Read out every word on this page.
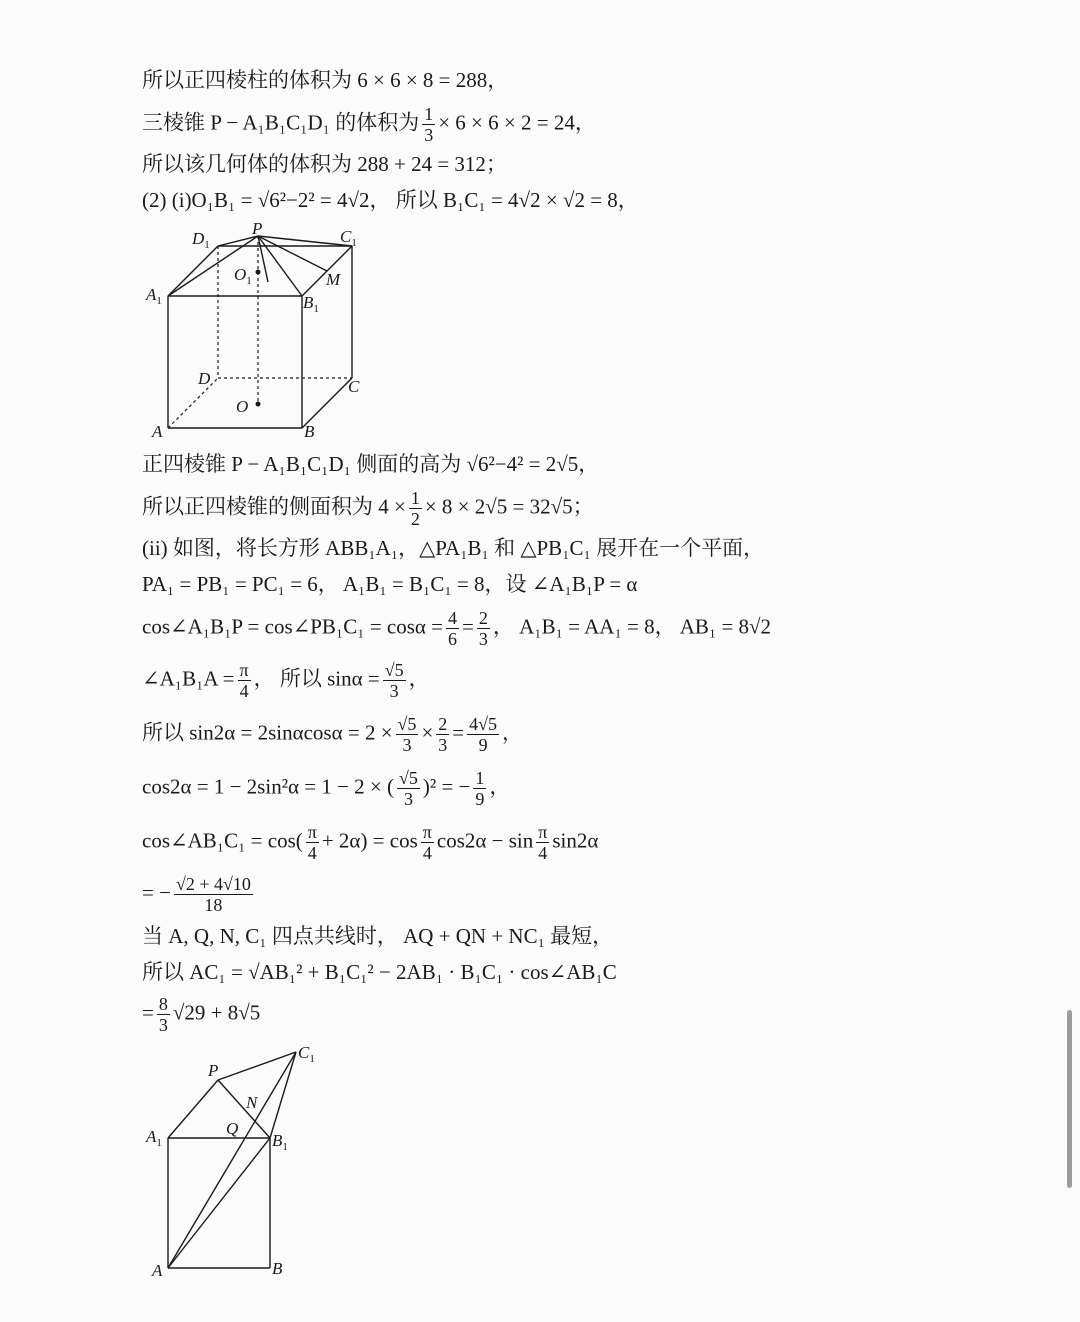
所以正四棱柱的体积为 6 × 6 × 8 = 288，
三棱锥 P − A₁B₁C₁D₁ 的体积为 $\frac{1}{3} \times 6 \times 6 \times 2 = 24$，
所以该几何体的体积为 288 + 24 = 312；
(2) (i)O₁B₁ = √6²−2² = 4√2， 所以 B₁C₁ = 4√2 × √2 = 8，
$D_1$
P	$C_1$
$O_1$	M
$A_1$	$B_1$
D	C
O
A	B
正四棱锥 P − A₁B₁C₁D₁ 侧面的高为 √6²−4² = 2√5，
所以正四棱锥的侧面积为 $4 \times \frac{1}{2} \times 8 \times 2√5 = 32√5$；
(ii) 如图，将长方形 ABB₁A₁，△PA₁B₁ 和 △PB₁C₁ 展开在一个平面，
PA₁ = PB₁ = PC₁ = 6， A₁B₁ = B₁C₁ = 8，设 ∠A₁B₁P = α
cos∠A₁B₁P = cos∠PB₁C₁ = $\cos\alpha = \frac{4}{6} = \frac{2}{3}$ ， A₁B₁ = AA₁ = 8， AB₁ = 8√2
∠A₁B₁A = $\frac{\pi}{4}$ ， 所以 $\sin\alpha = \frac{√5}{3}$ ，
所以 $\sin 2\alpha = 2\sin\alpha\cos\alpha = 2 \times \frac{√5}{3} \times \frac{2}{3} = \frac{4√5}{9}$ ，
cos2α = 1 − 2sin²α = 1 − 2 × ( $\frac{√5}{3} )^2$ = − $\frac{1}{9}$ ，
cos∠AB₁C₁ = $\cos( \frac{\pi}{4} + 2\alpha) = \cos \frac{\pi}{4} \cos 2\alpha - \sin \frac{\pi}{4} \sin 2\alpha$
= − $\frac{√2 + 4√10}{18}$
当 A, Q, N, C₁ 四点共线时， AQ + QN + NC₁ 最短，
所以 AC₁ = √AB₁² + B₁C₁² − 2AB₁ · B₁C₁ · cos∠AB₁C
= $\frac{8}{3} √29 + 8√5$
$C_1$
P
N
Q
$A_1$	$B_1$
A	B
